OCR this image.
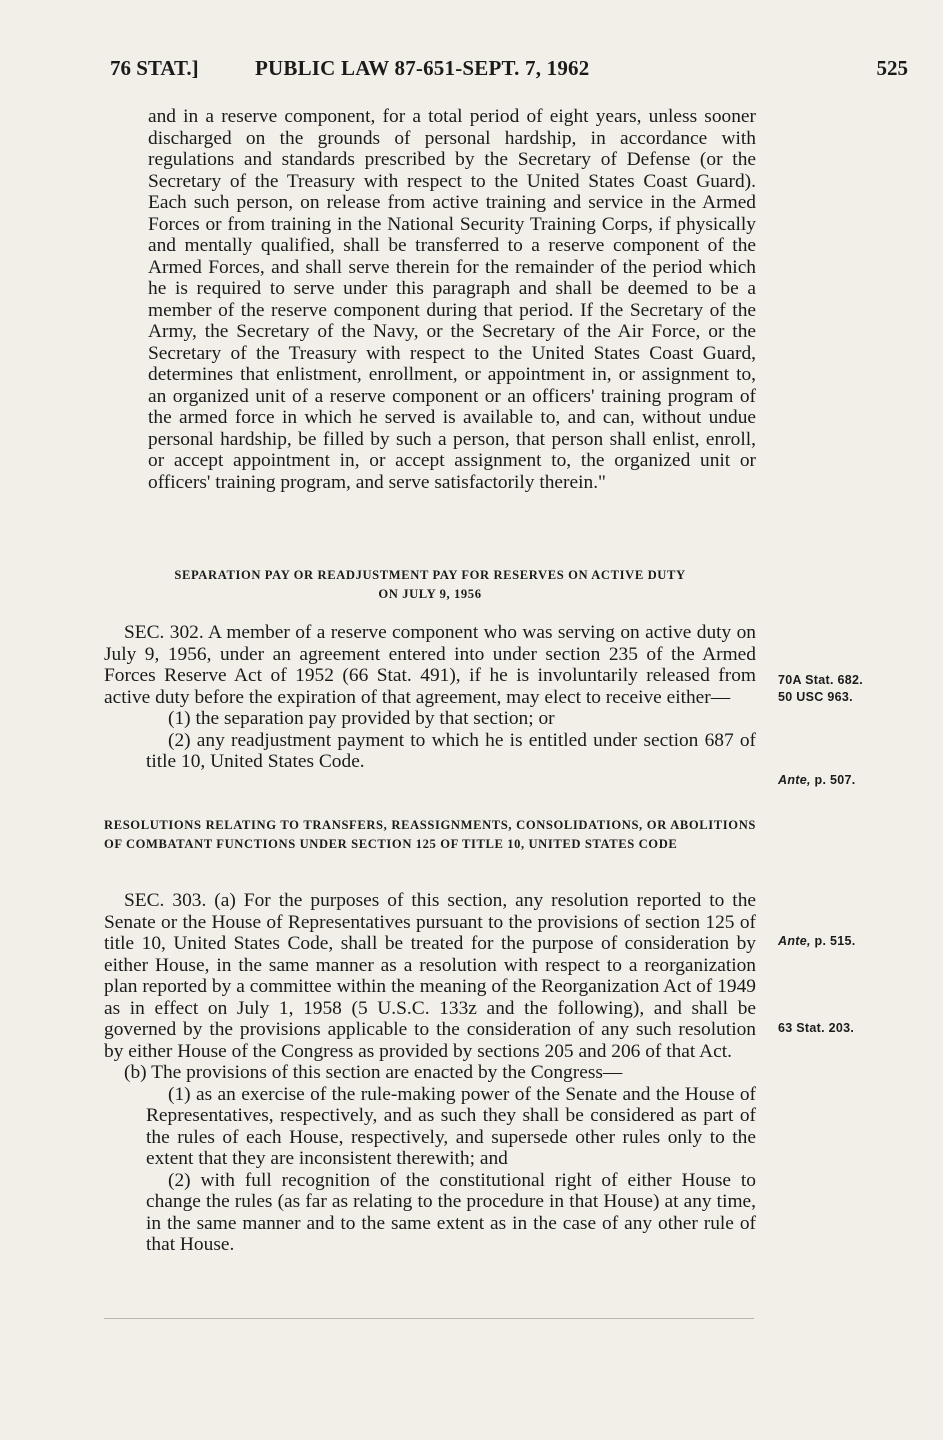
76 STAT.]	PUBLIC LAW 87-651-SEPT. 7, 1962	525

and in a reserve component, for a total period of eight years, unless sooner discharged on the grounds of personal hardship, in accordance with regulations and standards prescribed by the Secretary of Defense (or the Secretary of the Treasury with respect to the United States Coast Guard). Each such person, on release from active training and service in the Armed Forces or from training in the National Security Training Corps, if physically and mentally qualified, shall be transferred to a reserve component of the Armed Forces, and shall serve therein for the remainder of the period which he is required to serve under this paragraph and shall be deemed to be a member of the reserve component during that period. If the Secretary of the Army, the Secretary of the Navy, or the Secretary of the Air Force, or the Secretary of the Treasury with respect to the United States Coast Guard, determines that enlistment, enrollment, or appointment in, or assignment to, an organized unit of a reserve component or an officers' training program of the armed force in which he served is available to, and can, without undue personal hardship, be filled by such a person, that person shall enlist, enroll, or accept appointment in, or accept assignment to, the organized unit or officers' training program, and serve satisfactorily therein."

SEPARATION PAY OR READJUSTMENT PAY FOR RESERVES ON ACTIVE DUTY
ON JULY 9, 1956

SEC. 302. A member of a reserve component who was serving on active duty on July 9, 1956, under an agreement entered into under section 235 of the Armed Forces Reserve Act of 1952 (66 Stat. 491), if he is involuntarily released from active duty before the expiration of that agreement, may elect to receive either—

(1) the separation pay provided by that section; or

(2) any readjustment payment to which he is entitled under section 687 of title 10, United States Code.

70A Stat. 682.
50 USC 963.
Ante, p. 507.
RESOLUTIONS RELATING TO TRANSFERS, REASSIGNMENTS, CONSOLIDATIONS, OR ABOLITIONS OF COMBATANT FUNCTIONS UNDER SECTION 125 OF TITLE 10, UNITED STATES CODE

SEC. 303. (a) For the purposes of this section, any resolution reported to the Senate or the House of Representatives pursuant to the provisions of section 125 of title 10, United States Code, shall be treated for the purpose of consideration by either House, in the same manner as a resolution with respect to a reorganization plan reported by a committee within the meaning of the Reorganization Act of 1949 as in effect on July 1, 1958 (5 U.S.C. 133z and the following), and shall be governed by the provisions applicable to the consideration of any such resolution by either House of the Congress as provided by sections 205 and 206 of that Act.

(b) The provisions of this section are enacted by the Congress—

(1) as an exercise of the rule-making power of the Senate and the House of Representatives, respectively, and as such they shall be considered as part of the rules of each House, respectively, and supersede other rules only to the extent that they are inconsistent therewith; and

(2) with full recognition of the constitutional right of either House to change the rules (as far as relating to the procedure in that House) at any time, in the same manner and to the same extent as in the case of any other rule of that House.

Ante, p. 515.
63 Stat. 203.
